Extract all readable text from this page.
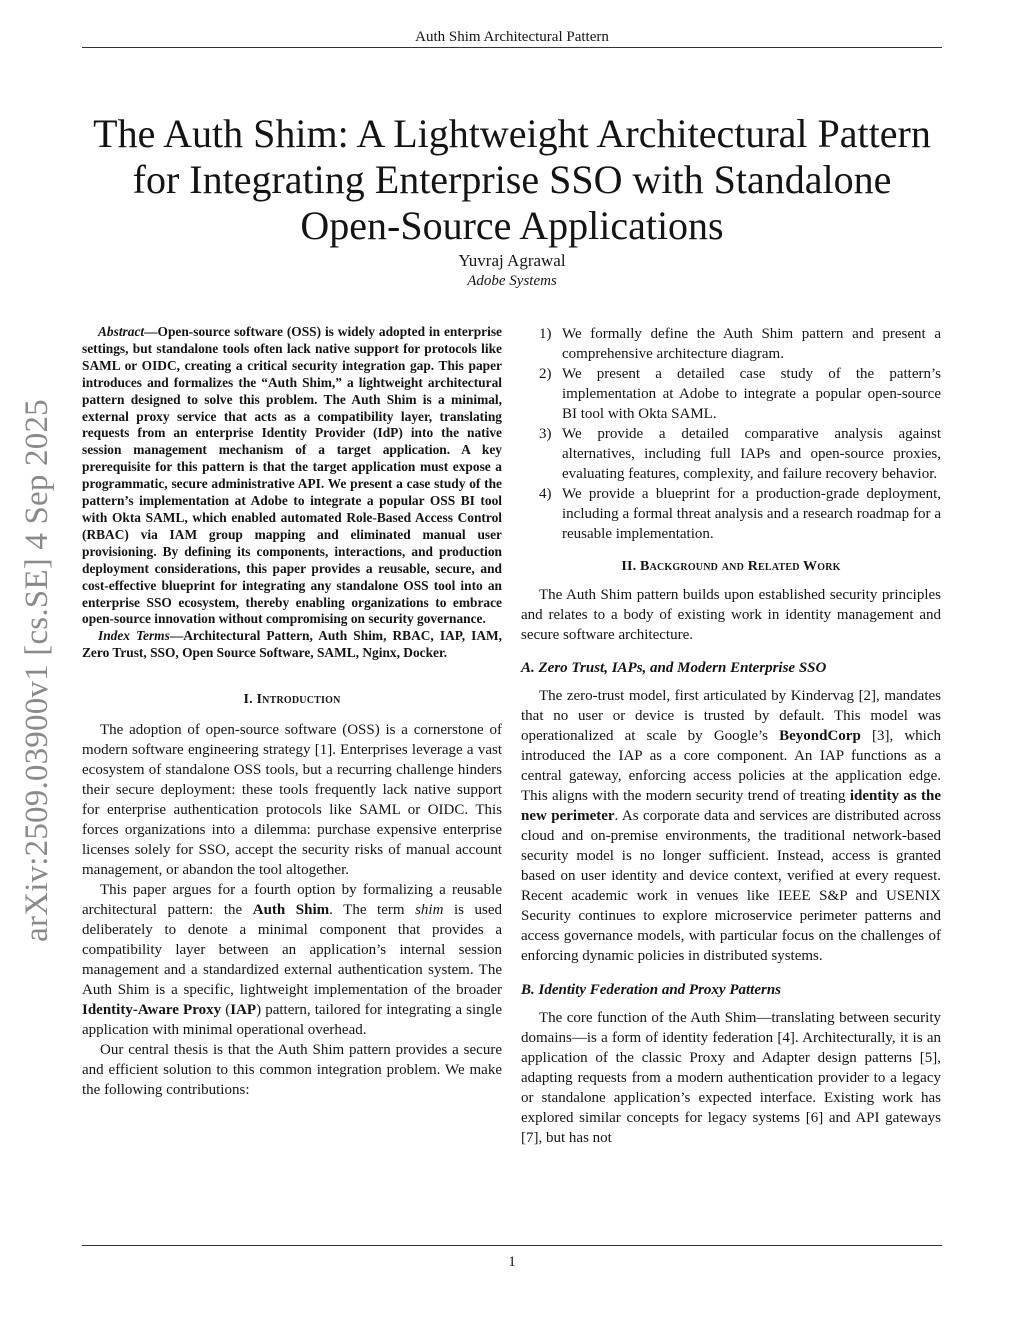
Auth Shim Architectural Pattern
arXiv:2509.03900v1 [cs.SE] 4 Sep 2025
The Auth Shim: A Lightweight Architectural Pattern for Integrating Enterprise SSO with Standalone Open-Source Applications
Yuvraj Agrawal
Adobe Systems

Abstract—Open-source software (OSS) is widely adopted in enterprise settings, but standalone tools often lack native support for protocols like SAML or OIDC, creating a critical security integration gap. This paper introduces and formalizes the “Auth Shim,” a lightweight architectural pattern designed to solve this problem. The Auth Shim is a minimal, external proxy service that acts as a compatibility layer, translating requests from an enterprise Identity Provider (IdP) into the native session management mechanism of a target application. A key prerequisite for this pattern is that the target application must expose a programmatic, secure administrative API. We present a case study of the pattern’s implementation at Adobe to integrate a popular OSS BI tool with Okta SAML, which enabled automated Role-Based Access Control (RBAC) via IAM group mapping and eliminated manual user provisioning. By defining its components, interactions, and production deployment considerations, this paper provides a reusable, secure, and cost-effective blueprint for integrating any standalone OSS tool into an enterprise SSO ecosystem, thereby enabling organizations to embrace open-source innovation without compromising on security governance.

Index Terms—Architectural Pattern, Auth Shim, RBAC, IAP, IAM, Zero Trust, SSO, Open Source Software, SAML, Nginx, Docker.

I. Introduction

The adoption of open-source software (OSS) is a cornerstone of modern software engineering strategy [1]. Enterprises leverage a vast ecosystem of standalone OSS tools, but a recurring challenge hinders their secure deployment: these tools frequently lack native support for enterprise authentication protocols like SAML or OIDC. This forces organizations into a dilemma: purchase expensive enterprise licenses solely for SSO, accept the security risks of manual account management, or abandon the tool altogether.

This paper argues for a fourth option by formalizing a reusable architectural pattern: the Auth Shim. The term shim is used deliberately to denote a minimal component that provides a compatibility layer between an application’s internal session management and a standardized external authentication system. The Auth Shim is a specific, lightweight implementation of the broader Identity-Aware Proxy (IAP) pattern, tailored for integrating a single application with minimal operational overhead.

Our central thesis is that the Auth Shim pattern provides a secure and efficient solution to this common integration problem. We make the following contributions:

1) We formally define the Auth Shim pattern and present a comprehensive architecture diagram.
2) We present a detailed case study of the pattern’s implementation at Adobe to integrate a popular open-source BI tool with Okta SAML.
3) We provide a detailed comparative analysis against alternatives, including full IAPs and open-source proxies, evaluating features, complexity, and failure recovery behavior.
4) We provide a blueprint for a production-grade deployment, including a formal threat analysis and a research roadmap for a reusable implementation.
II. Background and Related Work

The Auth Shim pattern builds upon established security principles and relates to a body of existing work in identity management and secure software architecture.

A. Zero Trust, IAPs, and Modern Enterprise SSO

The zero-trust model, first articulated by Kindervag [2], mandates that no user or device is trusted by default. This model was operationalized at scale by Google’s BeyondCorp [3], which introduced the IAP as a core component. An IAP functions as a central gateway, enforcing access policies at the application edge. This aligns with the modern security trend of treating identity as the new perimeter. As corporate data and services are distributed across cloud and on-premise environments, the traditional network-based security model is no longer sufficient. Instead, access is granted based on user identity and device context, verified at every request. Recent academic work in venues like IEEE S&P and USENIX Security continues to explore microservice perimeter patterns and access governance models, with particular focus on the challenges of enforcing dynamic policies in distributed systems.

B. Identity Federation and Proxy Patterns

The core function of the Auth Shim—translating between security domains—is a form of identity federation [4]. Architecturally, it is an application of the classic Proxy and Adapter design patterns [5], adapting requests from a modern authentication provider to a legacy or standalone application’s expected interface. Existing work has explored similar concepts for legacy systems [6] and API gateways [7], but has not

1
